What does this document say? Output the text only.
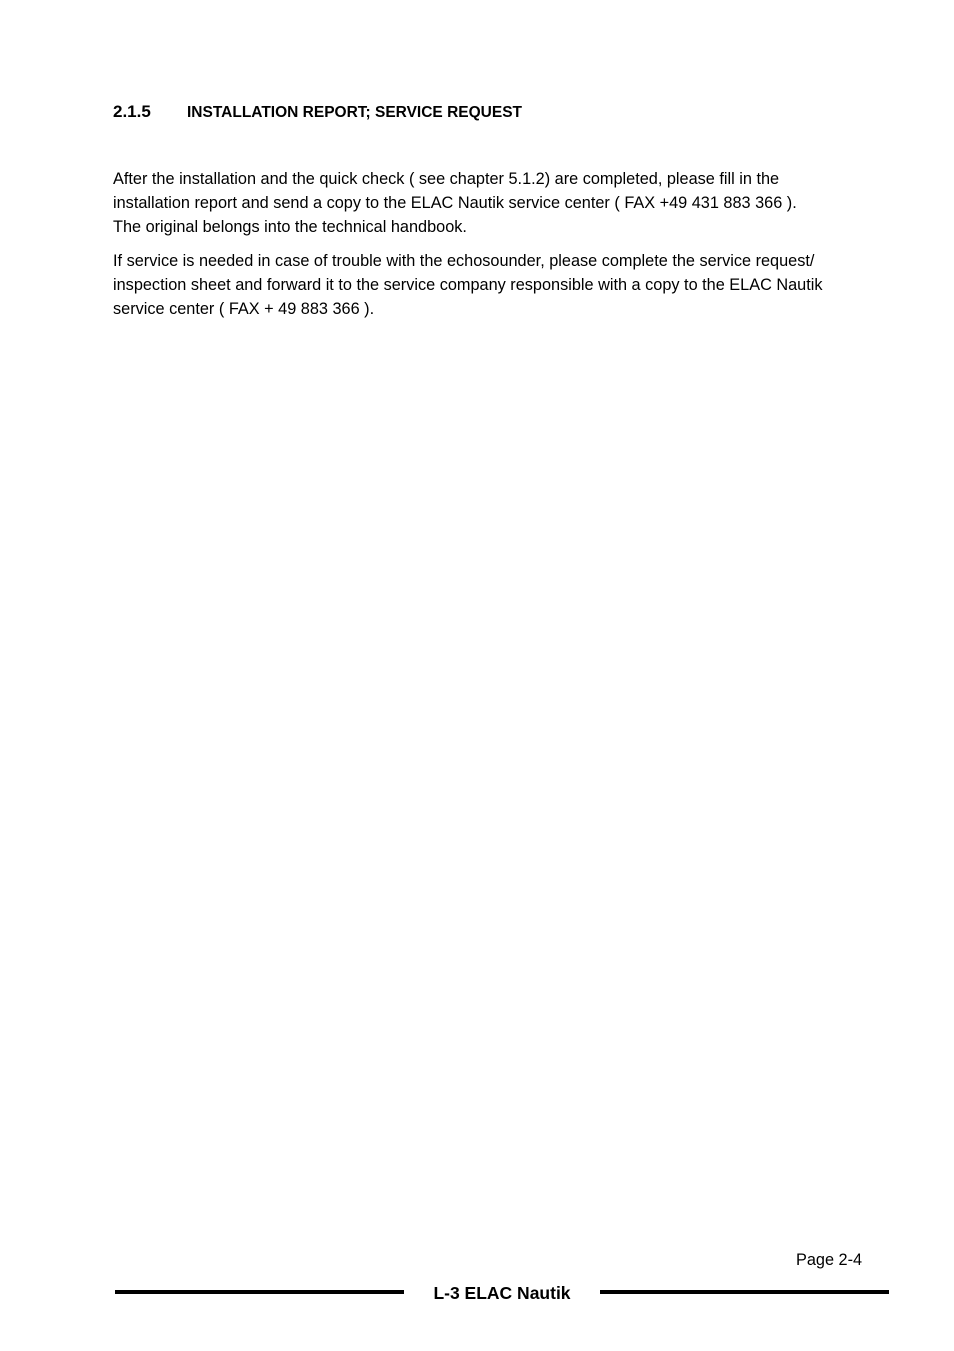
2.1.5 INSTALLATION REPORT; SERVICE REQUEST

After the installation and the quick check ( see chapter 5.1.2) are completed, please fill in the

installation report and send a copy to the ELAC Nautik service center ( FAX +49 431 883 366 ).

The original belongs into the technical handbook.

If service is needed in case of trouble with the echosounder, please complete the service request/

inspection sheet and forward it to the service company responsible with a copy to the ELAC Nautik

service center ( FAX + 49 883 366 ).

Page 2-4
L-3 ELAC Nautik
